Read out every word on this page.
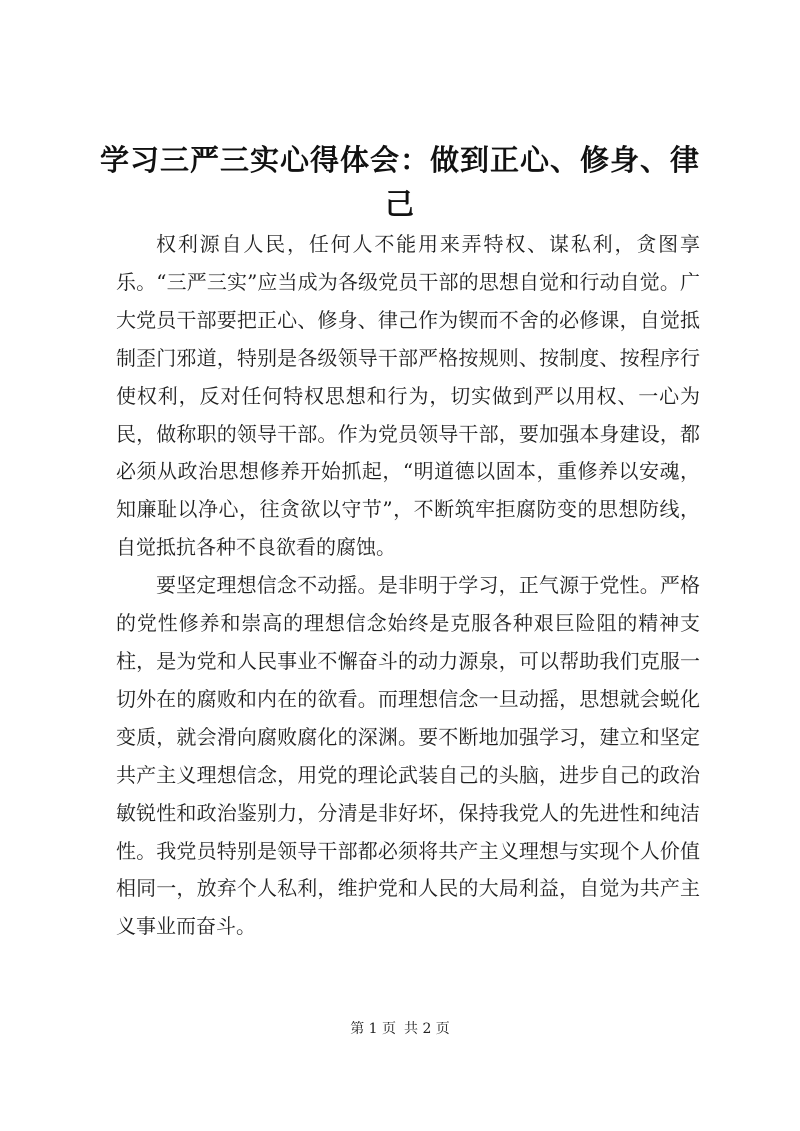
学习三严三实心得体会：做到正心、修身、律己

权利源自人民，任何人不能用来弄特权、谋私利，贪图享乐。“三严三实”应当成为各级党员干部的思想自觉和行动自觉。广大党员干部要把正心、修身、律己作为锲而不舍的必修课，自觉抵制歪门邪道，特别是各级领导干部严格按规则、按制度、按程序行使权利，反对任何特权思想和行为，切实做到严以用权、一心为民，做称职的领导干部。作为党员领导干部，要加强本身建设，都必须从政治思想修养开始抓起，“明道德以固本，重修养以安魂，知廉耻以净心，往贪欲以守节”，不断筑牢拒腐防变的思想防线，自觉抵抗各种不良欲看的腐蚀。

要坚定理想信念不动摇。是非明于学习，正气源于党性。严格的党性修养和崇高的理想信念始终是克服各种艰巨险阻的精神支柱，是为党和人民事业不懈奋斗的动力源泉，可以帮助我们克服一切外在的腐败和内在的欲看。而理想信念一旦动摇，思想就会蜕化变质，就会滑向腐败腐化的深渊。要不断地加强学习，建立和坚定共产主义理想信念，用党的理论武装自己的头脑，进步自己的政治敏锐性和政治鉴别力，分清是非好坏，保持我党人的先进性和纯洁性。我党员特别是领导干部都必须将共产主义理想与实现个人价值相同一，放弃个人私利，维护党和人民的大局利益，自觉为共产主义事业而奋斗。

第 1 页 共 2 页
